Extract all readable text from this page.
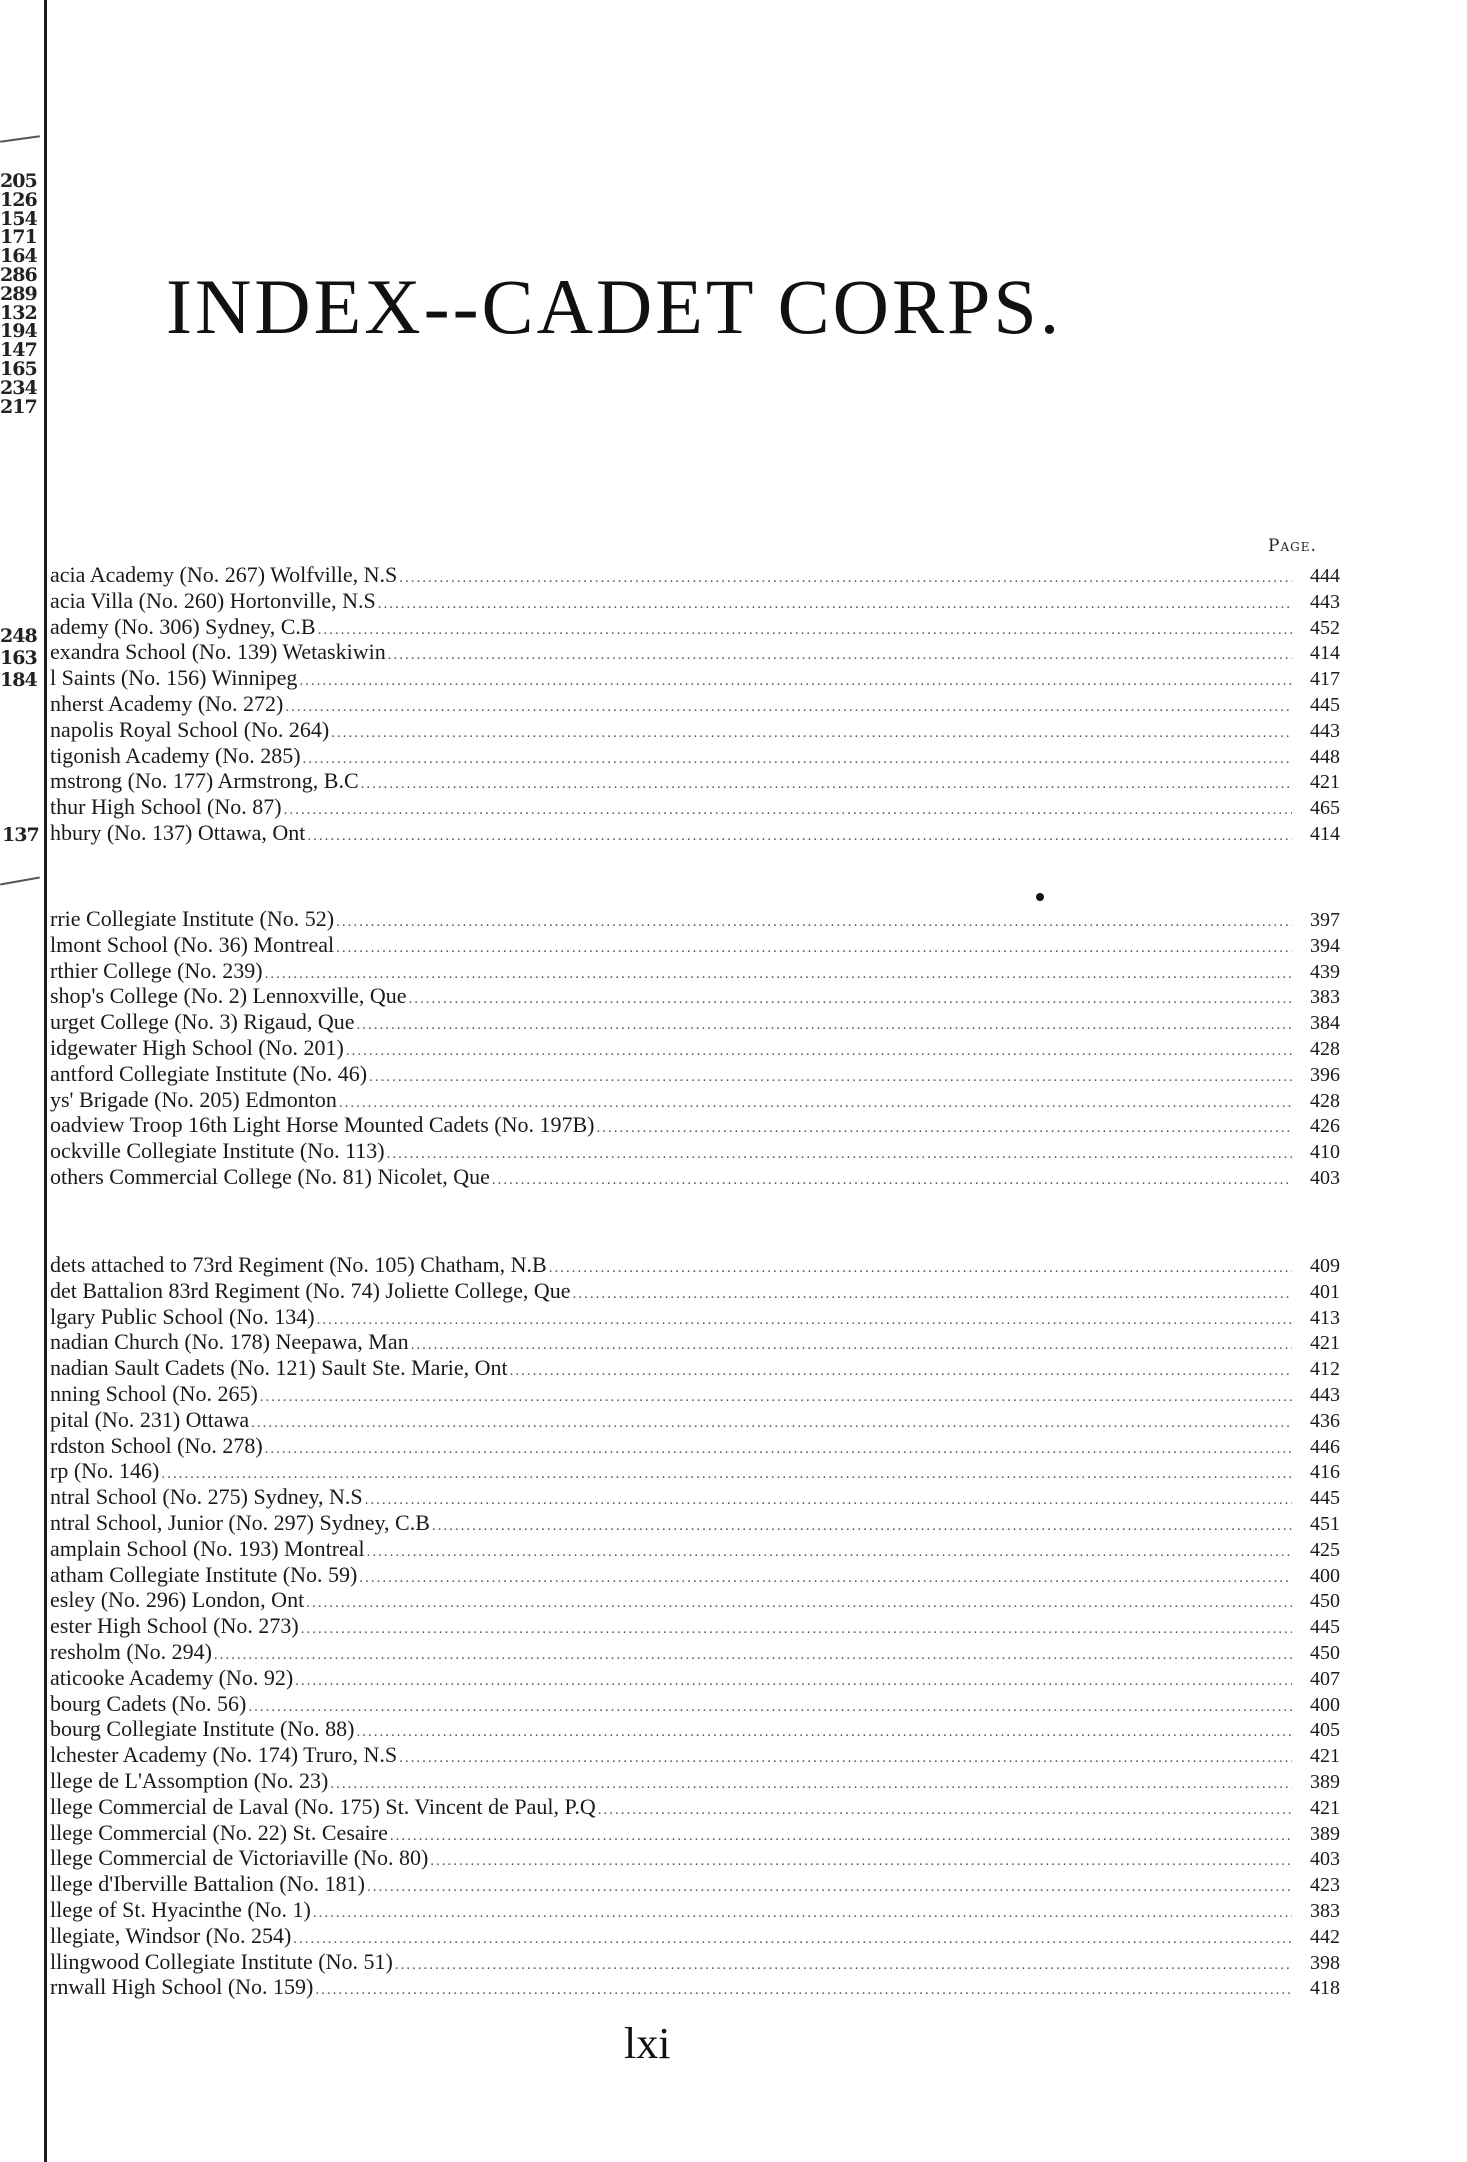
205
126
154
171
164
286
289
132
194
147
165
234
217
248
163
184
137
INDEX--CADET CORPS.
Page.
acia Academy (No. 267) Wolfville, N.S .....	444
acia Villa (No. 260) Hortonville, N.S .....	443
ademy (No. 306) Sydney, C.B .....	452
exandra School (No. 139) Wetaskiwin .....	414
l Saints (No. 156) Winnipeg .....	417
nherst Academy (No. 272) .....	445
napolis Royal School (No. 264) .....	443
tigonish Academy (No. 285) .....	448
mstrong (No. 177) Armstrong, B.C .....	421
thur High School (No. 87) .....	465
hbury (No. 137) Ottawa, Ont .....	414
rrie Collegiate Institute (No. 52) .....	397
lmont School (No. 36) Montreal .....	394
rthier College (No. 239) .....	439
shop's College (No. 2) Lennoxville, Que .....	383
urget College (No. 3) Rigaud, Que .....	384
idgewater High School (No. 201) .....	428
antford Collegiate Institute (No. 46) .....	396
ys' Brigade (No. 205) Edmonton .....	428
oadview Troop 16th Light Horse Mounted Cadets (No. 197B) .....	426
ockville Collegiate Institute (No. 113) .....	410
others Commercial College (No. 81) Nicolet, Que .....	403
dets attached to 73rd Regiment (No. 105) Chatham, N.B .....	409
det Battalion 83rd Regiment (No. 74) Joliette College, Que .....	401
lgary Public School (No. 134) .....	413
nadian Church (No. 178) Neepawa, Man .....	421
nadian Sault Cadets (No. 121) Sault Ste. Marie, Ont .....	412
nning School (No. 265) .....	443
pital (No. 231) Ottawa .....	436
rdston School (No. 278) .....	446
rp (No. 146) .....	416
ntral School (No. 275) Sydney, N.S .....	445
ntral School, Junior (No. 297) Sydney, C.B .....	451
amplain School (No. 193) Montreal .....	425
atham Collegiate Institute (No. 59) .....	400
esley (No. 296) London, Ont .....	450
ester High School (No. 273) .....	445
resholm (No. 294) .....	450
aticooke Academy (No. 92) .....	407
bourg Cadets (No. 56) .....	400
bourg Collegiate Institute (No. 88) .....	405
lchester Academy (No. 174) Truro, N.S .....	421
llege de L'Assomption (No. 23) .....	389
llege Commercial de Laval (No. 175) St. Vincent de Paul, P.Q .....	421
llege Commercial (No. 22) St. Cesaire .....	389
llege Commercial de Victoriaville (No. 80) .....	403
llege d'Iberville Battalion (No. 181) .....	423
llege of St. Hyacinthe (No. 1) .....	383
llegiate, Windsor (No. 254) .....	442
llingwood Collegiate Institute (No. 51) .....	398
rnwall High School (No. 159) .....	418
lxi
